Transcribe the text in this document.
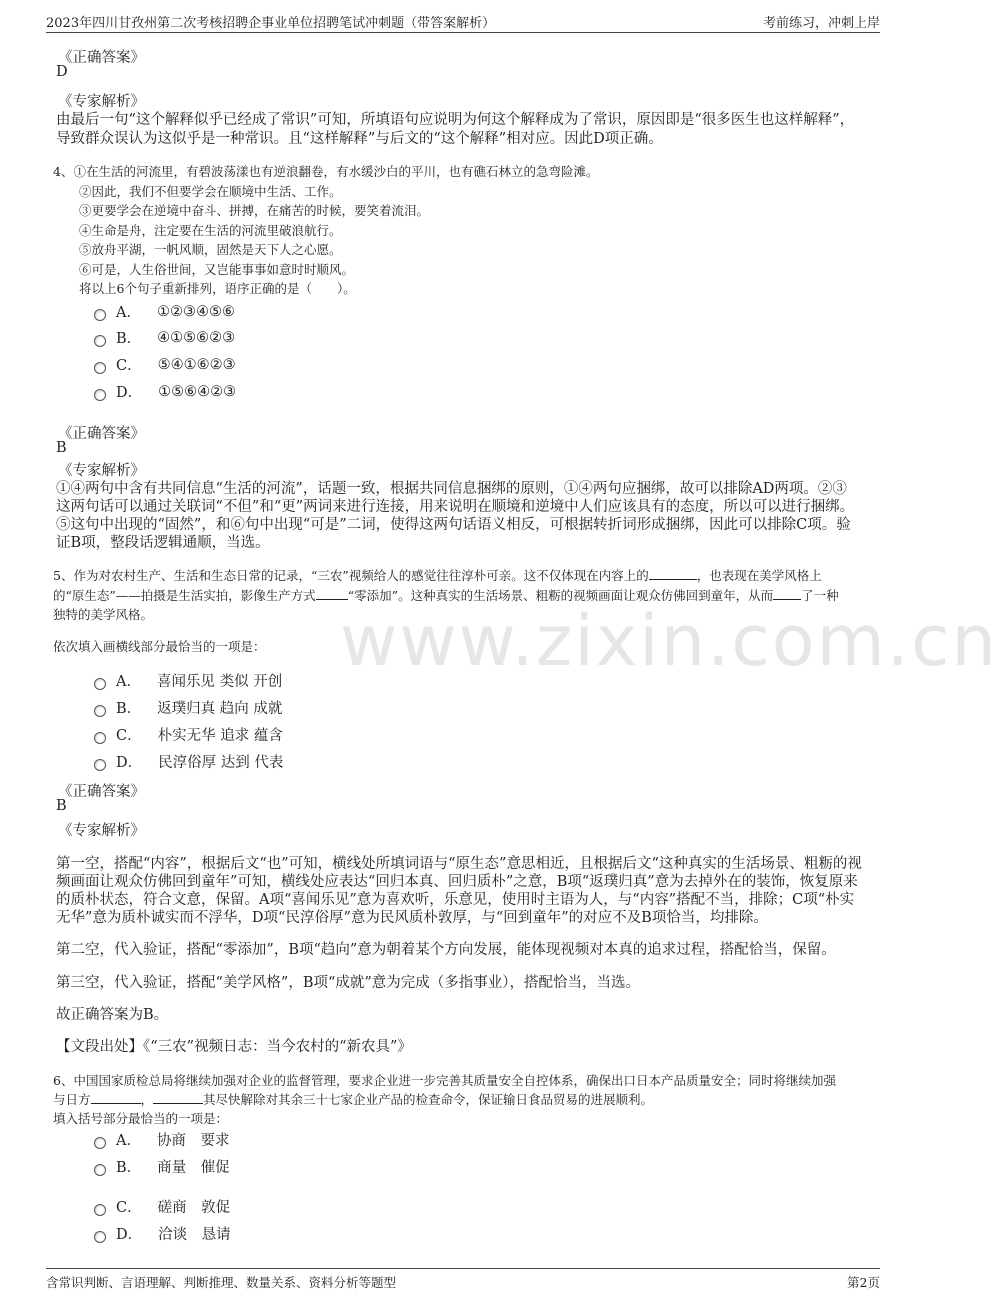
2023年四川甘孜州第二次考核招聘企事业单位招聘笔试冲刺题（带答案解析）	考前练习，冲刺上岸
www.zixin.com.cn
《正确答案》
D
《专家解析》
由最后一句“这个解释似乎已经成了常识”可知，所填语句应说明为何这个解释成为了常识，原因即是“很多医生也这样解释”，
导致群众误认为这似乎是一种常识。且“这样解释”与后文的“这个解释”相对应。因此D项正确。
4、①在生活的河流里，有碧波荡漾也有逆浪翻卷，有水缓沙白的平川，也有礁石林立的急弯险滩。
②因此，我们不但要学会在顺境中生活、工作。
③更要学会在逆境中奋斗、拼搏，在痛苦的时候，要笑着流泪。
④生命是舟，注定要在生活的河流里破浪航行。
⑤放舟平湖，一帆风顺，固然是天下人之心愿。
⑥可是，人生俗世间，又岂能事事如意时时顺风。
将以上6个句子重新排列，语序正确的是（　　）。
A． ①②③④⑤⑥
B． ④①⑤⑥②③
C． ⑤④①⑥②③
D． ①⑤⑥④②③
《正确答案》
B
《专家解析》
①④两句中含有共同信息“生活的河流”，话题一致，根据共同信息捆绑的原则，①④两句应捆绑，故可以排除AD两项。②③
这两句话可以通过关联词“不但”和“更”两词来进行连接，用来说明在顺境和逆境中人们应该具有的态度，所以可以进行捆绑。
⑤这句中出现的“固然”，和⑥句中出现“可是”二词，使得这两句话语义相反，可根据转折词形成捆绑，因此可以排除C项。验
证B项，整段话逻辑通顺，当选。
5、作为对农村生产、生活和生态日常的记录，“三农”视频给人的感觉往往淳朴可亲。这不仅体现在内容上的	，也表现在美学风格上
的“原生态”——拍摄是生活实拍，影像生产方式	“零添加”。这种真实的生活场景、粗粝的视频画面让观众仿佛回到童年，从而 了一种
独特的美学风格。
依次填入画横线部分最恰当的一项是：
A． 喜闻乐见 类似 开创
B． 返璞归真 趋向 成就
C． 朴实无华 追求 蕴含
D． 民淳俗厚 达到 代表
《正确答案》
B
《专家解析》
第一空，搭配“内容”，根据后文“也”可知，横线处所填词语与“原生态”意思相近，且根据后文“这种真实的生活场景、粗粝的视
频画面让观众仿佛回到童年”可知，横线处应表达“回归本真、回归质朴”之意，B项“返璞归真”意为去掉外在的装饰，恢复原来
的质朴状态，符合文意，保留。A项“喜闻乐见”意为喜欢听，乐意见，使用时主语为人，与“内容”搭配不当，排除；C项“朴实
无华”意为质朴诚实而不浮华，D项“民淳俗厚”意为民风质朴敦厚，与“回到童年”的对应不及B项恰当，均排除。
第二空，代入验证，搭配“零添加”，B项“趋向”意为朝着某个方向发展，能体现视频对本真的追求过程，搭配恰当，保留。
第三空，代入验证，搭配“美学风格”，B项“成就”意为完成（多指事业），搭配恰当，当选。
故正确答案为B。
【文段出处】《“三农”视频日志：当今农村的“新农具”》
6、中国国家质检总局将继续加强对企业的监督管理，要求企业进一步完善其质量安全自控体系，确保出口日本产品质量安全；同时将继续加强
与日方	，	其尽快解除对其余三十七家企业产品的检查命令，保证输日食品贸易的进展顺利。
填入括号部分最恰当的一项是：
A． 协商　要求
B． 商量　催促
C． 磋商　敦促
D． 洽谈　恳请
含常识判断、言语理解、判断推理、数量关系、资料分析等题型	第2页
